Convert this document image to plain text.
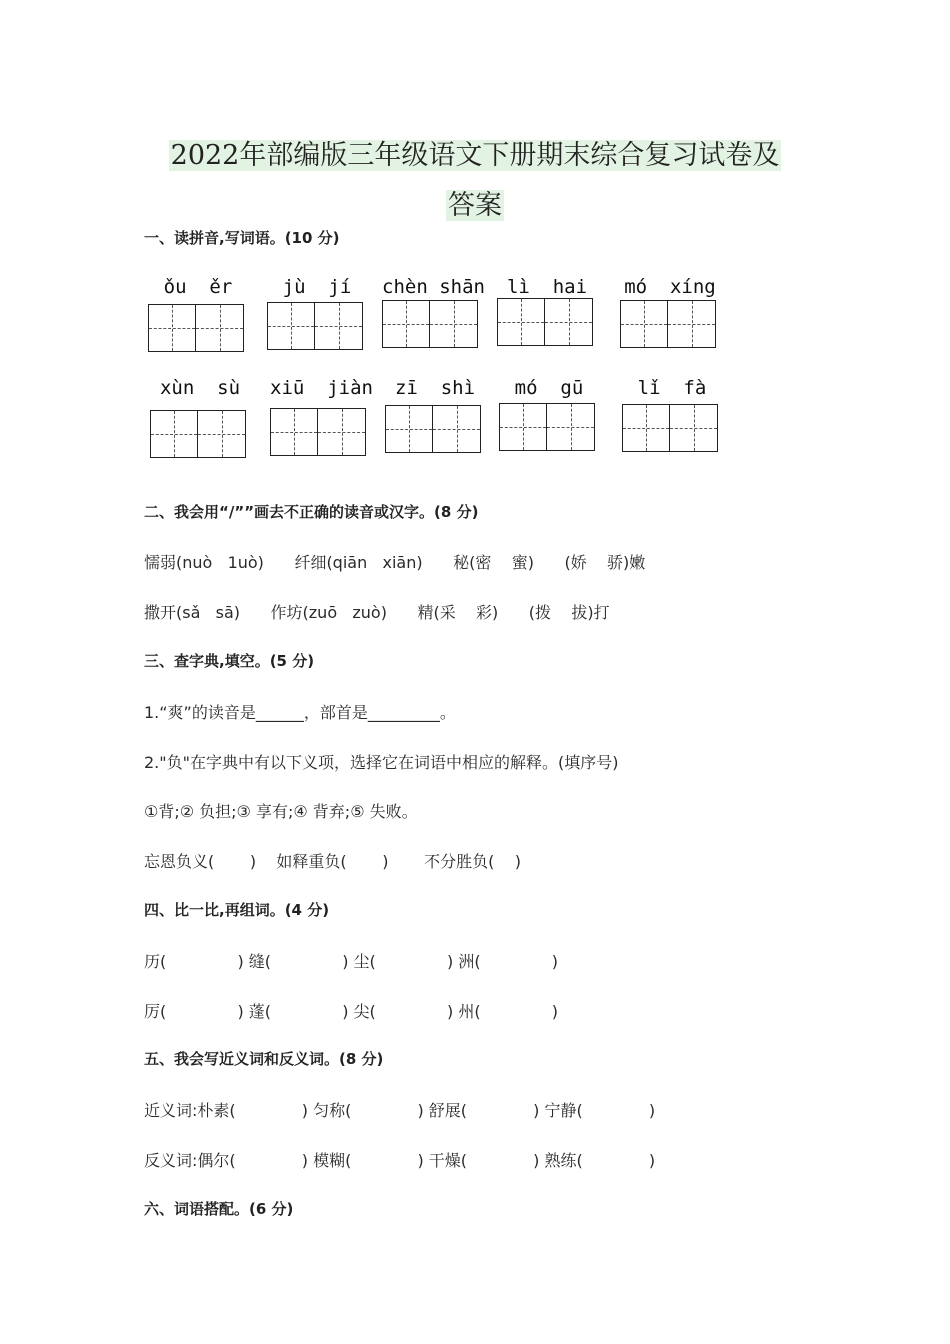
2022年部编版三年级语文下册期末综合复习试卷及
答案
一、读拼音,写词语。(10 分)
ǒu  ěr	jù  jí	chèn shān	lì  hai	mó  xíng
xùn  sù	xiū  jiàn	zī  shì	mó  gū	lǐ  fà
二、我会用“/””画去不正确的读音或汉字。(8 分)
懦弱(nuò   1uò)      纤细(qiān   xiān)      秘(密    蜜)      (娇    骄)嫩
撒开(sǎ   sā)      作坊(zuō   zuò)      精(采    彩)      (拨    拔)打
三、查字典,填空。(5 分)
1.“爽”的读音是______，部首是_________。
2."负"在字典中有以下义项，选择它在词语中相应的解释。(填序号)
①背;② 负担;③ 享有;④ 背弃;⑤ 失败。
忘恩负义(       )    如释重负(       )       不分胜负(    )
四、比一比,再组词。(4 分)
历(              ) 缝(              ) 尘(              ) 洲(              )
厉(              ) 蓬(              ) 尖(              ) 州(              )
五、我会写近义词和反义词。(8 分)
近义词:朴素(             ) 匀称(             ) 舒展(             ) 宁静(             )
反义词:偶尔(             ) 模糊(             ) 干燥(             ) 熟练(             )
六、词语搭配。(6 分)
